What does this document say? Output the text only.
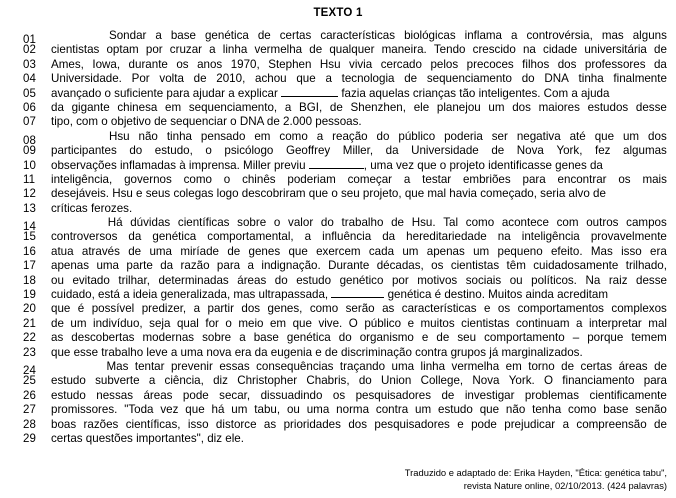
TEXTO 1
01	Sondar a base genética de certas características biológicas inflama a controvérsia, mas alguns
02	cientistas optam por cruzar a linha vermelha de qualquer maneira. Tendo crescido na cidade universitária de
03	Ames, Iowa, durante os anos 1970, Stephen Hsu vivia cercado pelos precoces filhos dos professores da
04	Universidade. Por volta de 2010, achou que a tecnologia de sequenciamento do DNA tinha finalmente
05	avançado o suficiente para ajudar a explicar	fazia aquelas crianças tão inteligentes. Com a ajuda
06	da gigante chinesa em sequenciamento, a BGI, de Shenzhen, ele planejou um dos maiores estudos desse
07	tipo, com o objetivo de sequenciar o DNA de 2.000 pessoas.
08	Hsu não tinha pensado em como a reação do público poderia ser negativa até que um dos
09	participantes do estudo, o psicólogo Geoffrey Miller, da Universidade de Nova York, fez algumas
10	observações inflamadas à imprensa. Miller previu	, uma vez que o projeto identificasse genes da
11	inteligência, governos como o chinês poderiam começar a testar embriões para encontrar os mais
12	desejáveis. Hsu e seus colegas logo descobriram que o seu projeto, que mal havia começado, seria alvo de
13	críticas ferozes.
14	Há dúvidas científicas sobre o valor do trabalho de Hsu. Tal como acontece com outros campos
15	controversos da genética comportamental, a influência da hereditariedade na inteligência provavelmente
16	atua através de uma miríade de genes que exercem cada um apenas um pequeno efeito. Mas isso era
17	apenas uma parte da razão para a indignação. Durante décadas, os cientistas têm cuidadosamente trilhado,
18	ou evitado trilhar, determinadas áreas do estudo genético por motivos sociais ou políticos. Na raiz desse
19	cuidado, está a ideia generalizada, mas ultrapassada,	genética é destino. Muitos ainda acreditam
20	que é possível predizer, a partir dos genes, como serão as características e os comportamentos complexos
21	de um indivíduo, seja qual for o meio em que vive. O público e muitos cientistas continuam a interpretar mal
22	as descobertas modernas sobre a base genética do organismo e de seu comportamento – porque temem
23	que esse trabalho leve a uma nova era da eugenia e de discriminação contra grupos já marginalizados.
24	Mas tentar prevenir essas consequências traçando uma linha vermelha em torno de certas áreas de
25	estudo subverte a ciência, diz Christopher Chabris, do Union College, Nova York. O financiamento para
26	estudo nessas áreas pode secar, dissuadindo os pesquisadores de investigar problemas cientificamente
27	promissores. "Toda vez que há um tabu, ou uma norma contra um estudo que não tenha como base senão
28	boas razões científicas, isso distorce as prioridades dos pesquisadores e pode prejudicar a compreensão de
29	certas questões importantes", diz ele.
Traduzido e adaptado de: Erika Hayden, "Ética: genética tabu",
revista Nature online, 02/10/2013. (424 palavras)
